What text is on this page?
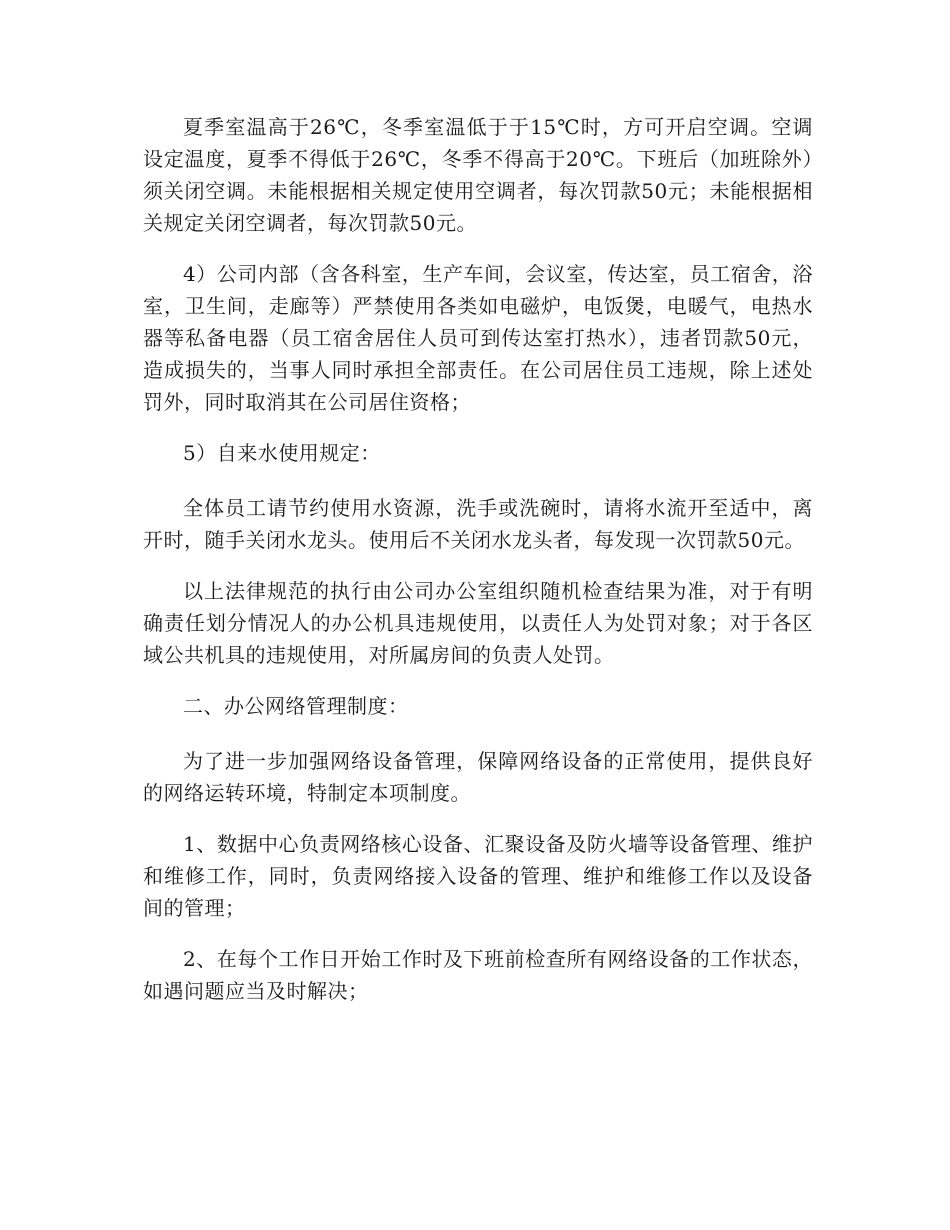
夏季室温高于26℃，冬季室温低于于15℃时，方可开启空调。空调设定温度，夏季不得低于26℃，冬季不得高于20℃。下班后（加班除外）须关闭空调。未能根据相关规定使用空调者，每次罚款50元；未能根据相关规定关闭空调者，每次罚款50元。

4）公司内部（含各科室，生产车间，会议室，传达室，员工宿舍，浴室，卫生间，走廊等）严禁使用各类如电磁炉，电饭煲，电暖气，电热水器等私备电器（员工宿舍居住人员可到传达室打热水），违者罚款50元，造成损失的，当事人同时承担全部责任。在公司居住员工违规，除上述处罚外，同时取消其在公司居住资格；

5）自来水使用规定：

全体员工请节约使用水资源，洗手或洗碗时，请将水流开至适中，离开时，随手关闭水龙头。使用后不关闭水龙头者，每发现一次罚款50元。

以上法律规范的执行由公司办公室组织随机检查结果为准，对于有明确责任划分情况人的办公机具违规使用，以责任人为处罚对象；对于各区域公共机具的违规使用，对所属房间的负责人处罚。

二、办公网络管理制度：

为了进一步加强网络设备管理，保障网络设备的正常使用，提供良好的网络运转环境，特制定本项制度。

1、数据中心负责网络核心设备、汇聚设备及防火墙等设备管理、维护和维修工作，同时，负责网络接入设备的管理、维护和维修工作以及设备间的管理；

2、在每个工作日开始工作时及下班前检查所有网络设备的工作状态，如遇问题应当及时解决；
